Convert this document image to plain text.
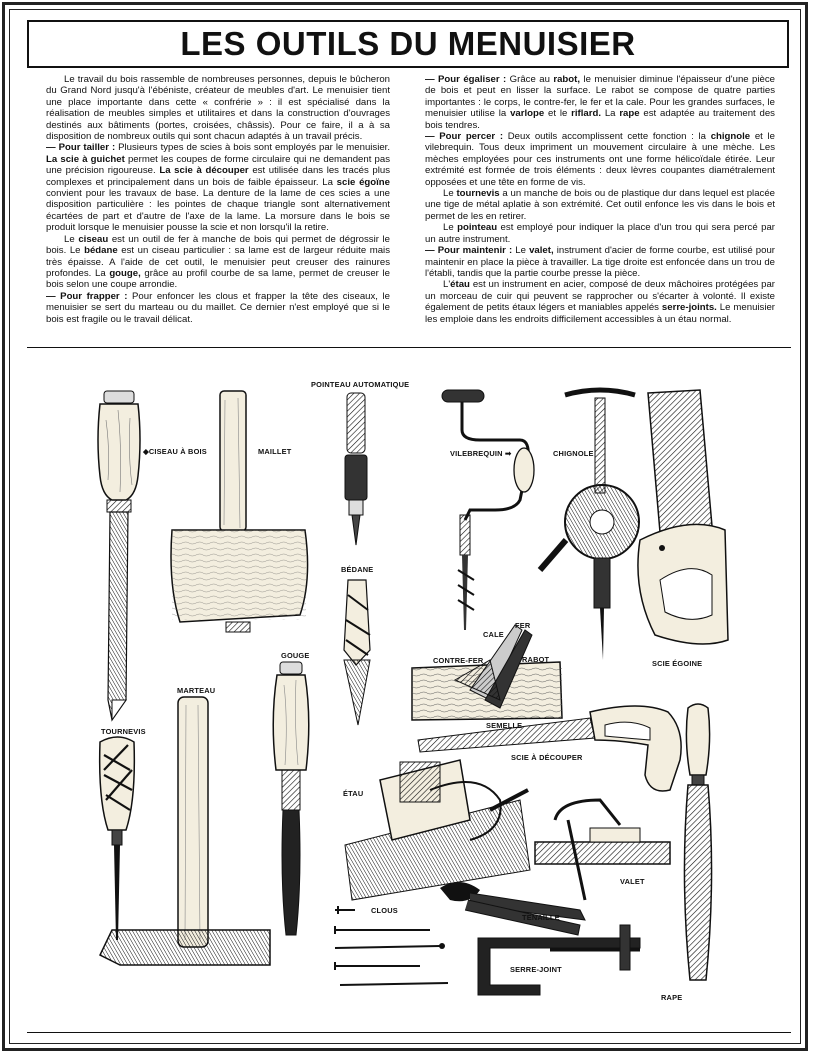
LES OUTILS DU MENUISIER

Le travail du bois rassemble de nombreuses personnes, depuis le bûcheron du Grand Nord jusqu'à l'ébéniste, créateur de meubles d'art. Le menuisier tient une place importante dans cette « confrérie » : il est spécialisé dans la réalisation de meubles simples et utilitaires et dans la construction d'ouvrages destinés aux bâtiments (portes, croisées, châssis). Pour ce faire, il a à sa disposition de nombreux outils qui sont chacun adaptés à un travail précis.

— Pour tailler : Plusieurs types de scies à bois sont employés par le menuisier. La scie à guichet permet les coupes de forme circulaire qui ne demandent pas une précision rigoureuse. La scie à découper est utilisée dans les tracés plus complexes et principalement dans un bois de faible épaisseur. La scie égoïne convient pour les travaux de base. La denture de la lame de ces scies a une disposition particulière : les pointes de chaque triangle sont alternativement écartées de part et d'autre de l'axe de la lame. La morsure dans le bois se produit lorsque le menuisier pousse la scie et non lorsqu'il la retire.

Le ciseau est un outil de fer à manche de bois qui permet de dégrossir le bois. Le bédane est un ciseau particulier : sa lame est de largeur réduite mais très épaisse. A l'aide de cet outil, le menuisier peut creuser des rainures profondes. La gouge, grâce au profil courbe de sa lame, permet de creuser le bois selon une coupe arrondie.

— Pour frapper : Pour enfoncer les clous et frapper la tête des ciseaux, le menuisier se sert du marteau ou du maillet. Ce dernier n'est employé que si le bois est fragile ou le travail délicat.

— Pour égaliser : Grâce au rabot, le menuisier diminue l'épaisseur d'une pièce de bois et peut en lisser la surface. Le rabot se compose de quatre parties importantes : le corps, le contre-fer, le fer et la cale. Pour les grandes surfaces, le menuisier utilise la varlope et le riflard. La rape est adaptée au traitement des bois tendres.

— Pour percer : Deux outils accomplissent cette fonction : la chignole et le vilebrequin. Tous deux impriment un mouvement circulaire à une mèche. Les mèches employées pour ces instruments ont une forme hélicoïdale étirée. Leur extrémité est formée de trois éléments : deux lèvres coupantes diamétralement opposées et une tête en forme de vis.

Le tournevis a un manche de bois ou de plastique dur dans lequel est placée une tige de métal aplatie à son extrémité. Cet outil enfonce les vis dans le bois et permet de les en retirer.

Le pointeau est employé pour indiquer la place d'un trou qui sera percé par un autre instrument.

— Pour maintenir : Le valet, instrument d'acier de forme courbe, est utilisé pour maintenir en place la pièce à travailler. La tige droite est enfoncée dans un trou de l'établi, tandis que la partie courbe presse la pièce.

L'étau est un instrument en acier, composé de deux mâchoires protégées par un morceau de cuir qui peuvent se rapprocher ou s'écarter à volonté. Il existe également de petits étaux légers et maniables appelés serre-joints. Le menuisier les emploie dans les endroits difficilement accessibles à un étau normal.

POINTEAU AUTOMATIQUE
◆CISEAU À BOIS	MAILLET	VILEBREQUIN ➡	CHIGNOLE
BÉDANE
CALE
FER
CONTRE-FER	RABOT	SCIE ÉGOINE
GOUGE
MARTEAU
SEMELLE
TOURNEVIS
SCIE À DÉCOUPER
ÉTAU
VALET
CLOUS
TENAILLE
SERRE-JOINT
RAPE
